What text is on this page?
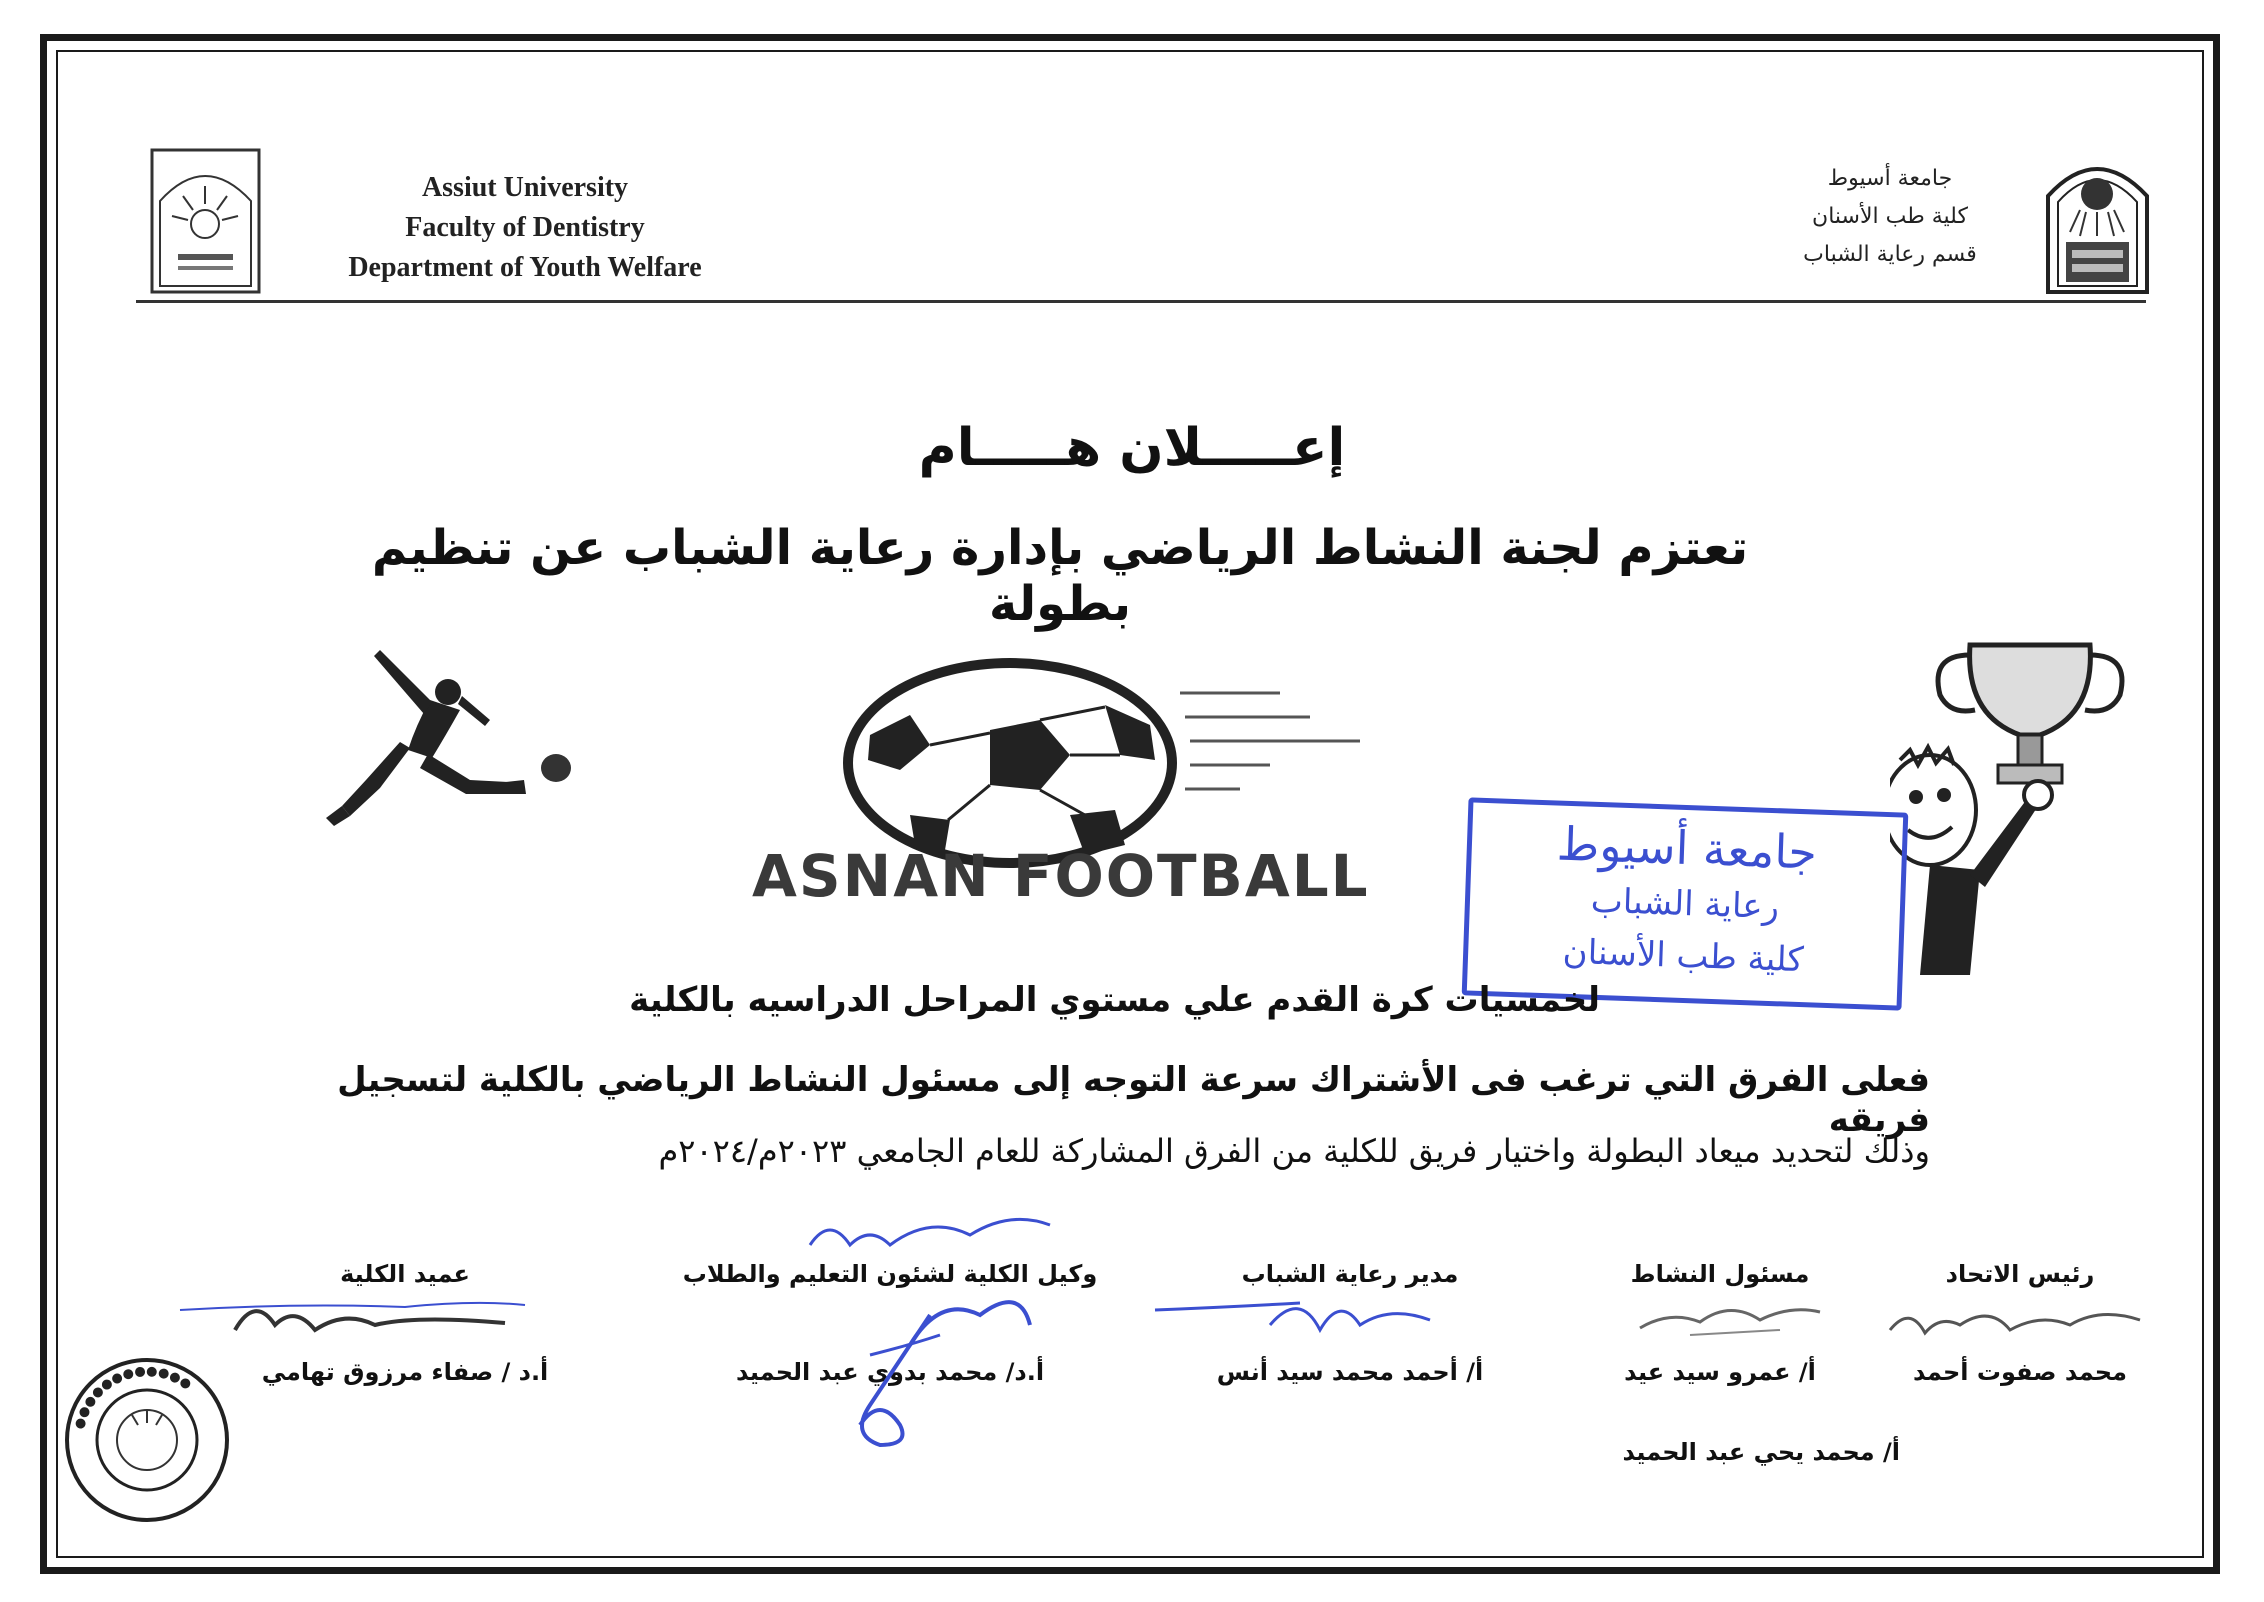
Assiut University
Faculty of Dentistry
Department of Youth Welfare
جامعة أسيوط
كلية طب الأسنان
قسم رعاية الشباب
إعـــــلان هـــــام
تعتزم لجنة النشاط الرياضي بإدارة رعاية الشباب عن تنظيم بطولة
ASNAN FOOTBALL	جامعة أسيوط
رعاية الشباب
كلية طب الأسنان
لخمسيات كرة القدم علي مستوي المراحل الدراسيه بالكلية
فعلى الفرق التي ترغب فى الأشتراك سرعة التوجه إلى مسئول النشاط الرياضي بالكلية لتسجيل فريقه
وذلك لتحديد ميعاد البطولة واختيار فريق للكلية من الفرق المشاركة للعام الجامعي ٢٠٢٣م/٢٠٢٤م
رئيس الاتحاد
محمد صفوت أحمد
مسئول النشاط
أ/ عمرو سيد عيد
مدير رعاية الشباب
أ/ أحمد محمد سيد أنس
وكيل الكلية لشئون التعليم والطلاب
أ.د/ محمد بدوي عبد الحميد
عميد الكلية
أ.د / صفاء مرزوق تهامي
أ/ محمد يحي عبد الحميد
●●●●●●●●●●●●
